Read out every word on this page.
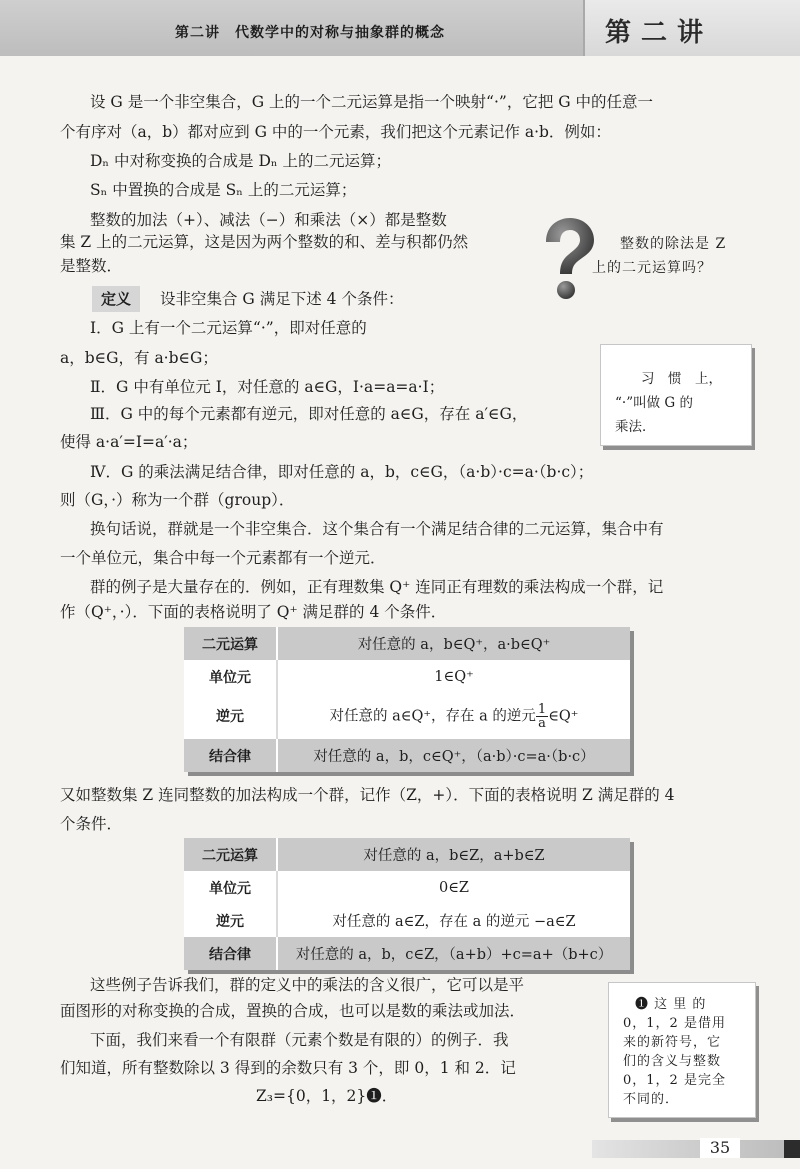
第二讲　代数学中的对称与抽象群的概念	第二讲
设 G 是一个非空集合，G 上的一个二元运算是指一个映射“·”，它把 G 中的任意一
个有序对（a，b）都对应到 G 中的一个元素，我们把这个元素记作 a·b．例如：
Dₙ 中对称变换的合成是 Dₙ 上的二元运算；
Sₙ 中置换的合成是 Sₙ 上的二元运算；
整数的加法（+）、减法（−）和乘法（×）都是整数
集 Z 上的二元运算，这是因为两个整数的和、差与积都仍然
是整数．
整数的除法是 Z
上的二元运算吗？
定义	设非空集合 G 满足下述 4 个条件：
Ⅰ．G 上有一个二元运算“·”，即对任意的
a，b∈G，有 a·b∈G；
Ⅱ．G 中有单位元 I，对任意的 a∈G，I·a=a=a·I；
Ⅲ．G 中的每个元素都有逆元，即对任意的 a∈G，存在 a′∈G，
使得 a·a′=I=a′·a；
Ⅳ．G 的乘法满足结合律，即对任意的 a，b，c∈G，（a·b）·c=a·（b·c）；
则（G，·）称为一个群（group）．
习　惯　上，
“·”叫做 G 的
乘法．
换句话说，群就是一个非空集合．这个集合有一个满足结合律的二元运算，集合中有
一个单位元，集合中每一个元素都有一个逆元．
群的例子是大量存在的．例如，正有理数集 Q⁺ 连同正有理数的乘法构成一个群，记
作（Q⁺，·）．下面的表格说明了 Q⁺ 满足群的 4 个条件．
二元运算	对任意的 a，b∈Q⁺，a·b∈Q⁺
单位元	1∈Q⁺
逆元	对任意的 a∈Q⁺，存在 a 的逆元 $\frac{1}{a}$ ∈Q⁺
结合律	对任意的 a，b，c∈Q⁺，（a·b）·c=a·（b·c）
又如整数集 Z 连同整数的加法构成一个群，记作（Z，+）．下面的表格说明 Z 满足群的 4
个条件．
二元运算	对任意的 a，b∈Z，a+b∈Z
单位元	0∈Z
逆元	对任意的 a∈Z，存在 a 的逆元 −a∈Z
结合律	对任意的 a，b，c∈Z，（a+b）+c=a+（b+c）
这些例子告诉我们，群的定义中的乘法的含义很广，它可以是平
面图形的对称变换的合成，置换的合成，也可以是数的乘法或加法．
下面，我们来看一个有限群（元素个数是有限的）的例子．我
们知道，所有整数除以 3 得到的余数只有 3 个，即 0，1 和 2．记
Z₃={0，1，2}❶．
❶ 这 里 的
0，1，2 是借用
来的新符号，它
们的含义与整数
0，1，2 是完全
不同的．
35
